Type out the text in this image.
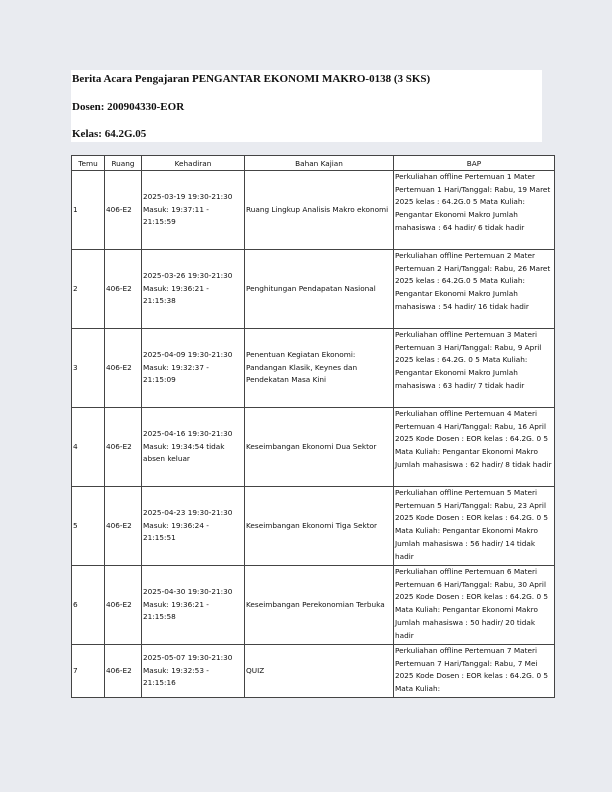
Berita Acara Pengajaran PENGANTAR EKONOMI MAKRO-0138 (3 SKS)
Dosen: 200904330-EOR
Kelas: 64.2G.05
Temu	Ruang	Kehadiran	Bahan Kajian	BAP
1	406-E2	2025-03-19 19:30-21:30 Masuk: 19:37:11 - 21:15:59	Ruang Lingkup Analisis Makro ekonomi	Perkuliahan offline Pertemuan 1 Mater Pertemuan 1 Hari/Tanggal: Rabu, 19 Maret 2025 kelas : 64.2G.0 5 Mata Kuliah: Pengantar Ekonomi Makro Jumlah mahasiswa : 64 hadir/ 6 tidak hadir
2	406-E2	2025-03-26 19:30-21:30 Masuk: 19:36:21 - 21:15:38	Penghitungan Pendapatan Nasional	Perkuliahan offline Pertemuan 2 Mater Pertemuan 2 Hari/Tanggal: Rabu, 26 Maret 2025 kelas : 64.2G.0 5 Mata Kuliah: Pengantar Ekonomi Makro Jumlah mahasiswa : 54 hadir/ 16 tidak hadir
3	406-E2	2025-04-09 19:30-21:30 Masuk: 19:32:37 - 21:15:09	Penentuan Kegiatan Ekonomi: Pandangan Klasik, Keynes dan Pendekatan Masa Kini	Perkuliahan offline Pertemuan 3 Materi Pertemuan 3 Hari/Tanggal: Rabu, 9 April 2025 kelas : 64.2G. 0 5 Mata Kuliah: Pengantar Ekonomi Makro Jumlah mahasiswa : 63 hadir/ 7 tidak hadir
4	406-E2	2025-04-16 19:30-21:30 Masuk: 19:34:54 tidak absen keluar	Keseimbangan Ekonomi Dua Sektor	Perkuliahan offline Pertemuan 4 Materi Pertemuan 4 Hari/Tanggal: Rabu, 16 April 2025 Kode Dosen : EOR kelas : 64.2G. 0 5 Mata Kuliah: Pengantar Ekonomi Makro Jumlah mahasiswa : 62 hadir/ 8 tidak hadir
5	406-E2	2025-04-23 19:30-21:30 Masuk: 19:36:24 - 21:15:51	Keseimbangan Ekonomi Tiga Sektor	Perkuliahan offline Pertemuan 5 Materi Pertemuan 5 Hari/Tanggal: Rabu, 23 April 2025 Kode Dosen : EOR kelas : 64.2G. 0 5 Mata Kuliah: Pengantar Ekonomi Makro Jumlah mahasiswa : 56 hadir/ 14 tidak hadir
6	406-E2	2025-04-30 19:30-21:30 Masuk: 19:36:21 - 21:15:58	Keseimbangan Perekonomian Terbuka	Perkuliahan offline Pertemuan 6 Materi Pertemuan 6 Hari/Tanggal: Rabu, 30 April 2025 Kode Dosen : EOR kelas : 64.2G. 0 5 Mata Kuliah: Pengantar Ekonomi Makro Jumlah mahasiswa : 50 hadir/ 20 tidak hadir
7	406-E2	2025-05-07 19:30-21:30 Masuk: 19:32:53 - 21:15:16	QUIZ	Perkuliahan offline Pertemuan 7 Materi Pertemuan 7 Hari/Tanggal: Rabu, 7 Mei 2025 Kode Dosen : EOR kelas : 64.2G. 0 5 Mata Kuliah:
